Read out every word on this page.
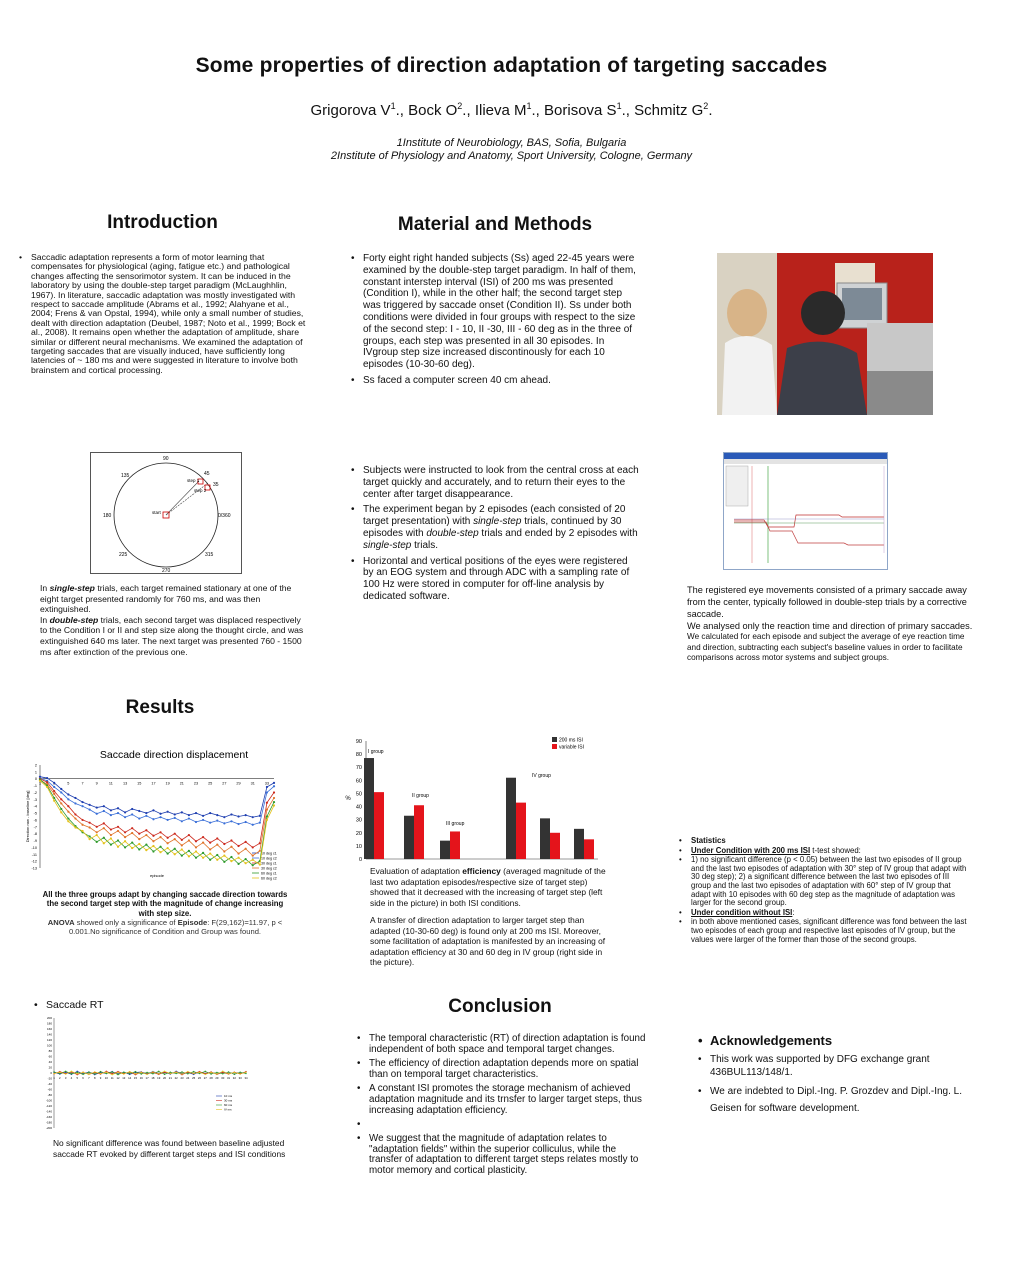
Some properties of direction adaptation of targeting saccades
Grigorova $V^1$., Bock $O^2$., Ilieva $M^1$., Borisova $S^1$., Schmitz $G^2$.
1Institute of Neurobiology, BAS, Sofia, Bulgaria
2Institute of Physiology and Anatomy, Sport University, Cologne, Germany
Introduction
• Saccadic adaptation represents a form of motor learning that compensates for physiological (aging, fatigue etc.) and pathological changes affecting the sensorimotor system. It can be induced in the laboratory by using the double-step target paradigm (McLaughhlin, 1967). In literature, saccadic adaptation was mostly investigated with respect to saccade amplitude (Abrams et al., 1992; Alahyane et al., 2004; Frens & van Opstal, 1994), while only a small number of studies, dealt with direction adaptation (Deubel, 1987; Noto et al., 1999; Bock et al., 2008). It remains open whether the adaptation of amplitude, share similar or different neural mechanisms. We examined the adaptation of targeting saccades that are visually induced, have sufficiently long latencies of ~ 180 ms and were suggested in literature to involve both brainstem and cortical processing.
Material and Methods
• Forty eight right handed subjects (Ss) aged 22-45 years were examined by the double-step target paradigm. In half of them, constant interstep interval (ISI) of 200 ms was presented (Condition I), while in the other half; the second target step was triggered by saccade onset (Condition II). Ss under both conditions were divided in four groups with respect to the size of the second step: I - 10, II -30, III - 60 deg as in the three of groups, each step was presented in all 30 episodes. In IVgroup step size increased discontinously for each 10 episodes (10-30-60 deg).
• Ss faced a computer screen 40 cm ahead.
90
45
135
35
180	0/360
225	315
270
step 1
step 2
start
In single-step trials, each target remained stationary at one of the eight target presented randomly for 760 ms, and was then extinguished.
In double-step trials, each second target was displaced respectively to the Condition I or II and step size along the thought circle, and was extinguished 640 ms later. The next target was presented 760 - 1500 ms after extinction of the previous one.
• Subjects were instructed to look from the central cross at each target quickly and accurately, and to return their eyes to the center after target disappearance.
• The experiment began by 2 episodes (each consisted of 20 target presentation) with single-step trials, continued by 30 episodes with double-step trials and ended by 2 episodes with single-step trials.
• Horizontal and vertical positions of the eyes were registered by an EOG system and through ADC with a sampling rate of 100 Hz were stored in computer for off-line analysis by dedicated software.
The registered eye movements consisted of a primary saccade away from the center, typically followed in double-step trials by a corrective saccade.
We analysed only the reaction time and direction of primary saccades.
We calculated for each episode and subject the average of eye reaction time and direction, subtracting each subject's baseline values in order to facilitate comparisons across motor systems and subject groups.
Results
Saccade direction displacement
2
1
0
-1
-2
-3
-4
-5
-6
-7
-8
-9
-10
-11
-12
-13
1	5	7	9	11	13	15	17	19	21	23	25	27	29	31	33
Direction raw - baseline [deg]
episode
10 deg c1
10 deg c2
30 deg c1
30 deg c2
60 deg c1
60 deg c2
All the three groups adapt by changing saccade direction towards the second target step with the magnitude of change increasing with step size.
ANOVA showed only a significance of Episode: F(29,162)=11.97, p < 0.001.No significance of Condition and Group was found.
0
10
20
30
40
50
60
70
80
90
%
I group
II group
III group
IV group
200 ms ISI
variable ISI
Evaluation of adaptation efficiency (averaged magnitude of the last two adaptation episodes/respective size of target step) showed that it decreased with the increasing of target step (left side in the picture) in both ISI conditions.
A transfer of direction adaptation to larger target step than adapted (10-30-60 deg) is found only at 200 ms ISI. Moreover, some facilitation of adaptation is manifested by an increasing of adaptation efficiency at 30 and 60 deg in IV group (right side in the picture).
• Statistics
• Under Condition with 200 ms ISI t-test showed:
• 1) no significant difference (p < 0.05) between the last two episodes of II group and the last two episodes of adaptation with 30° step of IV group that adapt with 30 deg step); 2) a significant difference between the last two episodes of III group and the last two episodes of adaptation with 60° step of IV group that adapt with 10 episodes with 60 deg step as the magnitude of adaptation was larger for the second group.
• Under condition without ISI:
• in both above mentioned cases, significant difference was fond between the last two episodes of each group and respective last episodes of IV group, but the values were larger of the former than those of the second groups.
• Saccade RT
200
180
160
140
120
100
80
60
40
20
0
-20
-40
-60
-80
-100
-120
-140
-160
-180
-200
1 2 3 4 5 6 7 8 9 10 11 12 13 14 15 16 17 18 19 20 21 22 23 24 25 26 27 28 29 30 31 32 33 34
10 ms
30 ms
60 ms
IV ms
No significant difference was found between baseline adjusted saccade RT evoked by different target steps and ISI conditions
Conclusion
• The temporal characteristic (RT) of direction adaptation is found independent of both space and temporal target changes.
• The efficiency of direction adaptation depends more on spatial than on temporal target characteristics.
• A constant ISI promotes the storage mechanism of achieved adaptation magnitude and its trnsfer to larger target steps, thus increasing adaptation efficiency.
•
• We suggest that the magnitude of adaptation relates to "adaptation fields" within the superior colliculus, while the transfer of adaptation to different target steps relates mostly to motor memory and cortical plasticity.
• Acknowledgements
• This work was supported by DFG exchange grant 436BUL113/148/1.
• We are indebted to Dipl.-Ing. P. Grozdev and Dipl.-Ing. L. Geisen for software development.
